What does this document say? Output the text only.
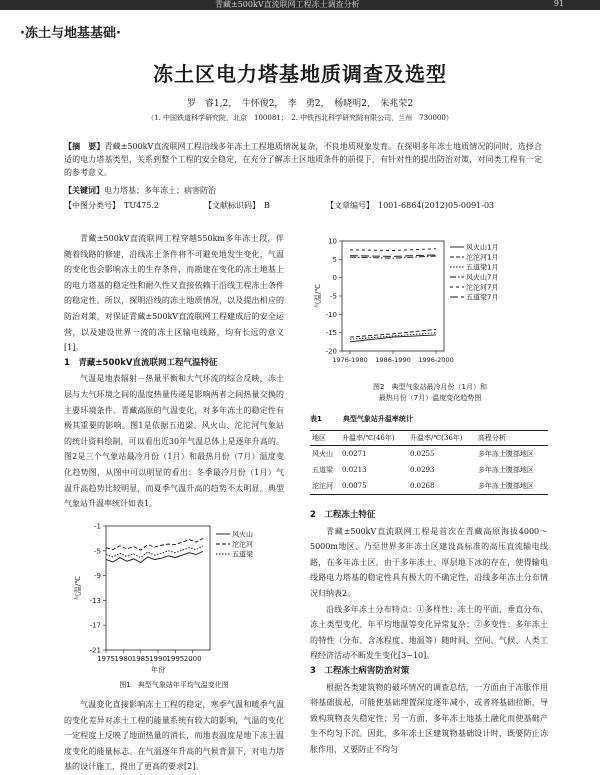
青藏±500kV直流联网工程冻土调查分析	91
·冻土与地基基础·
冻土区电力塔基地质调查及选型
罗　睿1,2，　牛怀俊2，　李　勇2，　杨晓明2，　朱兆荣2
（1. 中国铁道科学研究院，北京　100081；　2. 中铁西北科学研究院有限公司，兰州　730000）
【摘　要】青藏±500kV直流联网工程沿线多年冻土工程地质情况复杂，不良地质现象发育。在探明多年冻土地质情况的同时，选择合适的电力塔基类型，关系到整个工程的安全稳定，在充分了解冻土区地质条件的前提下，有针对性的提出防治对策，对同类工程有一定的参考意义。
【关键词】电力塔基；多年冻土；病害防治
【中图分类号】　TU475.2	【文献标识码】　B	【文章编号】　1001-6864(2012)05-0091-03

青藏±500kV直流联网工程穿越550km多年冻土段，伴随着线路的修建，沿线冻土条件将不可避免地发生变化，气温的变化也会影响冻土的生存条件，而勘建在变化的冻土地基上的电力塔基的稳定性和耐久性又直接依赖于沿线工程冻土条件的稳定性。所以，探明沿线的冻土地质情况，以及提出相应的防治对策，对保证青藏±500kV直流联网工程建成后的安全运营，以及建设世界一流的冻土区输电线路，均有长远的意义[1]。

1　青藏±500kV直流联网工程气温特征

气温是地表辐射－热量平衡和大气环流的综合反映，冻土层与大气环境之间的温度热量传递是影响两者之间热量交换的主要环境条件。青藏高原的气温变化，对多年冻土的稳定性有极其重要的影响。图1是依据五道梁、风火山、沱沱河气象站的统计资料绘制，可以看出近30年气温总体上是逐年升高的。图2是三个气象站最冷月份（1月）和最热月份（7月）温度变化趋势图，从图中可以明显的看出：冬季最冷月份（1月）气温升高趋势比较明显，而夏季气温升高的趋势不太明显。典型气象站升温率统计如表1。

-1
-5
-9
-13
-17
-21
1975 1980 1985 1990 1995 2000
年份
气温/℃
风火山
沱沱河
五道梁
图1　典型气象站年平均气温变化图

气温变化直接影响冻土工程的稳定，寒季气温和暖季气温的变化差异对冻土工程的能量系统有较大的影响，气温的变化一定程度上反映了地面热量的消长，而地表温度是地下冻土温度变化的能量标志。在气温逐年升高的气候背景下，对电力塔基的设计施工，提出了更高的要求[2]。

10
5
0
-5
-10
-15
-20
1976-1980 1986-1990 1996-2000
气温/℃
风火山1月
沱沱河1月
五道梁1月
风火山7月
沱沱河7月
五道梁7月
图2　典型气象站最冷月份（1月）和
最热月份（7月）温度变化趋势图
表1　　　典型气象站升温率统计
地区	升温率/℃(46年)	升温率/℃(36年)	高程分析
风火山	0.0271	0.0255	多年冻土腹部地区
五道梁	0.0213	0.0293	多年冻土腹部地区
沱沱河	0.0075	0.0268	多年冻土腹部地区
2　工程冻土特征

青藏±500kV直流联网工程是首次在青藏高原海拔4000～5000m地区、乃至世界多年冻土区建设高标准的高压直流输电线路，在多年冻土区，由于多年冻土、厚层地下冰的存在，使得输电线路电力塔基的稳定性具有极大的不确定性，沿线多年冻土分布情况归纳表2。

沿线多年冻土分布特点：①多样性：冻土的平面、垂直分布、冻土类型变化、年平均地温等变化异常复杂；②多变性：多年冻土的特性（分布、含冰程度、地温等）随时间、空间、气候、人类工程经济活动不断发生变化[3~10]。

3　工程冻土病害防治对策

根据各类建筑物的破坏情况的调查总结，一方面由于冻胀作用将基础拔起，可能使基础埋置深度逐年减小，或者将基础拉断，导致构筑物丧失稳定性；另一方面，多年冻土地基土融化而使基础产生不均匀下沉。因此，多年冻土区建筑物基础设计时，既要防止冻胀作用，又要防止不均匀
